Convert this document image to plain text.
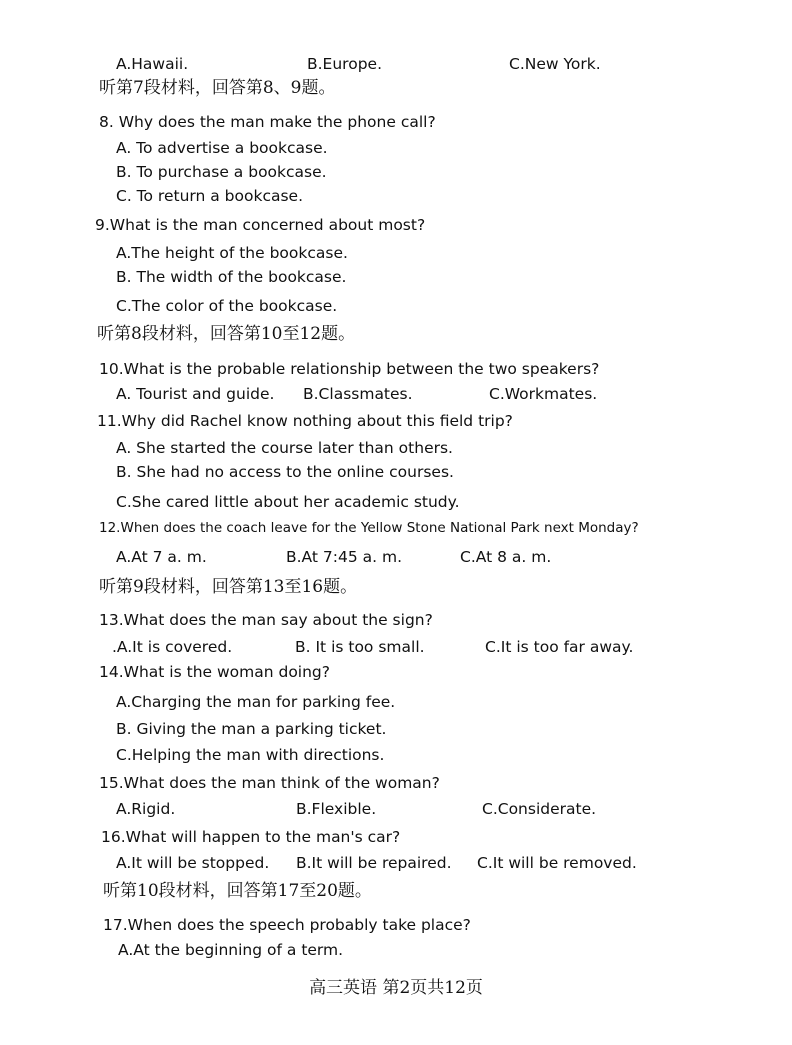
A.Hawaii.	B.Europe.	C.New York.
听第7段材料，回答第8、9题。
8. Why does the man make the phone call?
A. To advertise a bookcase.
B. To purchase a bookcase.
C. To return a bookcase.
9.What is the man concerned about most?
A.The height of the bookcase.
B. The width of the bookcase.
C.The color of the bookcase.
听第8段材料，回答第10至12题。
10.What is the probable relationship between the two speakers?
A. Tourist and guide. B.Classmates.	C.Workmates.
11.Why did Rachel know nothing about this field trip?
A. She started the course later than others.
B. She had no access to the online courses.
C.She cared little about her academic study.
12.When does the coach leave for the Yellow Stone National Park next Monday?
A.At 7 a. m.	B.At 7:45 a. m.	C.At 8 a. m.
听第9段材料，回答第13至16题。
13.What does the man say about the sign?
.A.It is covered.	B. It is too small.	C.It is too far away.
14.What is the woman doing?
A.Charging the man for parking fee.
B. Giving the man a parking ticket.
C.Helping the man with directions.
15.What does the man think of the woman?
A.Rigid.	B.Flexible.	C.Considerate.
16.What will happen to the man's car?
A.It will be stopped. B.It will be repaired. C.It will be removed.
听第10段材料，回答第17至20题。
17.When does the speech probably take place?
A.At the beginning of a term.
高三英语 第2页共12页
